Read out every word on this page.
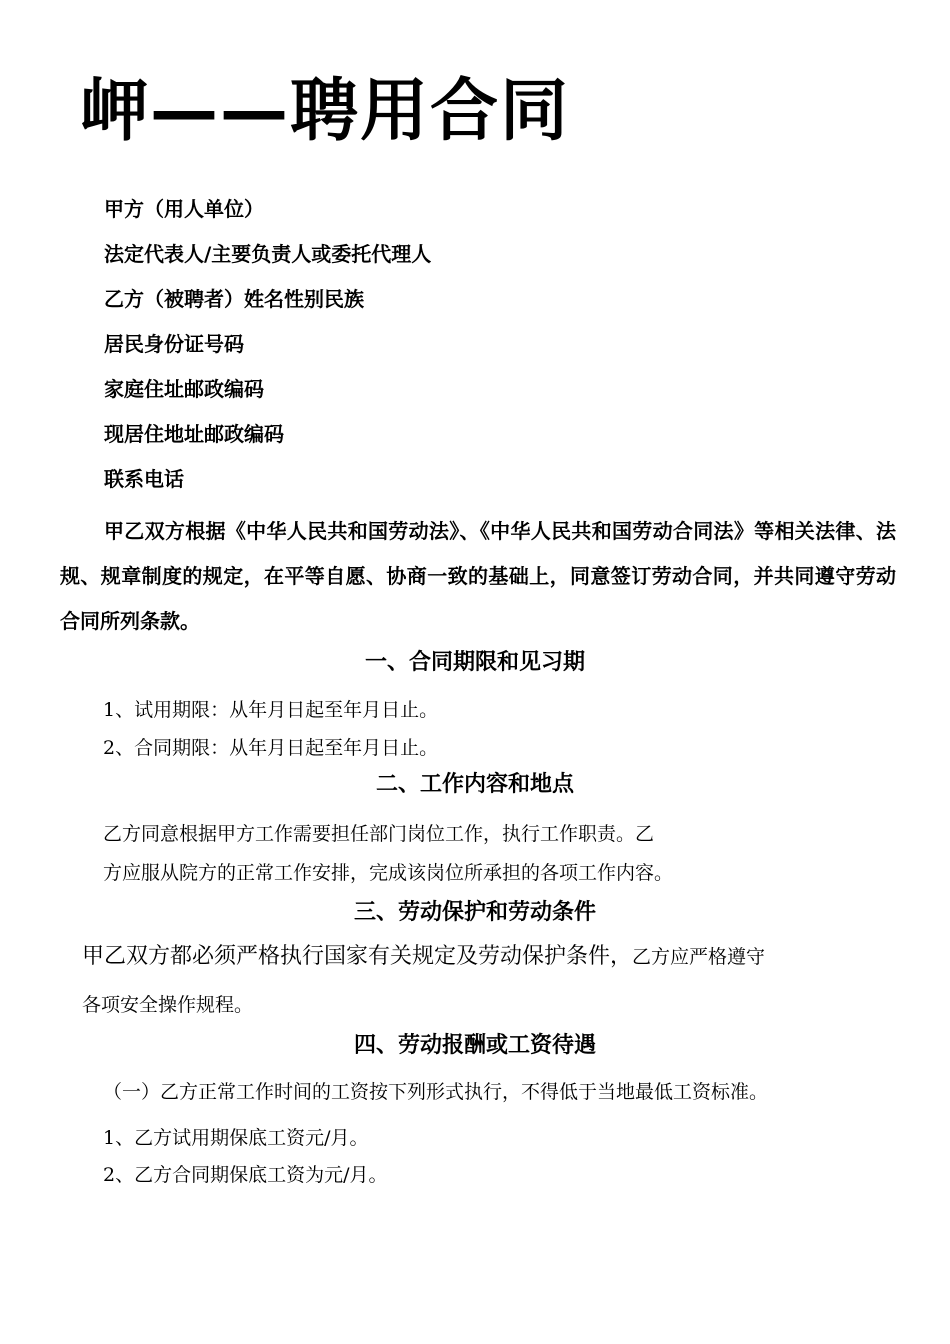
岬——聘用合同
甲方（用人单位）
法定代表人/主要负责人或委托代理人
乙方（被聘者）姓名性别民族
居民身份证号码
家庭住址邮政编码
现居住地址邮政编码
联系电话
甲乙双方根据《中华人民共和国劳动法》、《中华人民共和国劳动合同法》等相关法律、法规、规章制度的规定，在平等自愿、协商一致的基础上，同意签订劳动合同，并共同遵守劳动合同所列条款。
一、合同期限和见习期
1、试用期限：从年月日起至年月日止。
2、合同期限：从年月日起至年月日止。
二、工作内容和地点
乙方同意根据甲方工作需要担任部门岗位工作，执行工作职责。乙
方应服从院方的正常工作安排，完成该岗位所承担的各项工作内容。
三、劳动保护和劳动条件
甲乙双方都必须严格执行国家有关规定及劳动保护条件，乙方应严格遵守
各项安全操作规程。
四、劳动报酬或工资待遇
（一）乙方正常工作时间的工资按下列形式执行，不得低于当地最低工资标准。
1、乙方试用期保底工资元/月。
2、乙方合同期保底工资为元/月。
